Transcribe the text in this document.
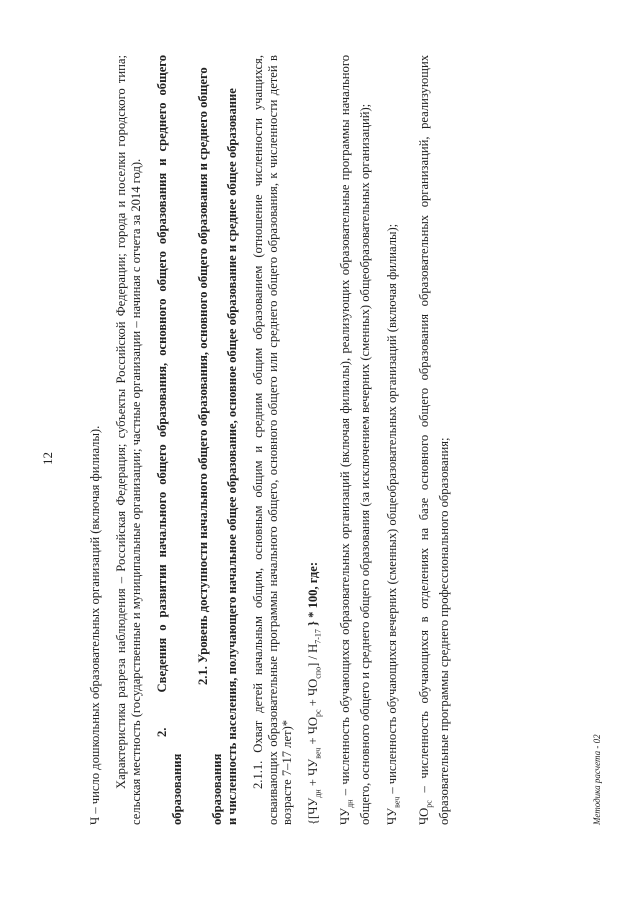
12	Ч – число дошкольных образовательных организаций (включая филиалы). Характеристика разреза наблюдения – Российская Федерация; субъекты Российской Федерации; города и поселки городского типа; сельская местность (государственные и муниципальные организации; частные организации – начиная с отчета за 2014 год). 2.     Сведения о развитии начального общего образования, основного общего образования и среднего общего образования

2.1. Уровень доступности начального общего образования, основного общего образования и среднего общего образования и численность населения, получающего начальное общее образование, основное общее образование и среднее общее образование 2.1.1. Охват детей начальным общим, основным общим и средним общим образованием (отношение численности учащихся, осваивающих образовательные программы начального общего, основного общего или среднего общего образования, к численности детей в возрасте 7–17 лет)* {$[ЧУ_{дн} + ЧУ_{веч} + ЧО_{рс} + ЧО_{спо}] / Н_{7-17}$ } * 100, где:

$ЧУ_{дн}$ – численность обучающихся образовательных организаций (включая филиалы), реализующих образовательные программы начального общего, основного общего и среднего общего образования (за исключением вечерних (сменных) общеобразовательных организаций); $ЧУ_{веч}$ – численность обучающихся вечерних (сменных) общеобразовательных организаций (включая филиалы);

$ЧО_{рс}$ – численность обучающихся в отделениях на базе основного общего образования образовательных организаций, реализующих образовательные программы среднего профессионального образования;	Методика расчета - 02
